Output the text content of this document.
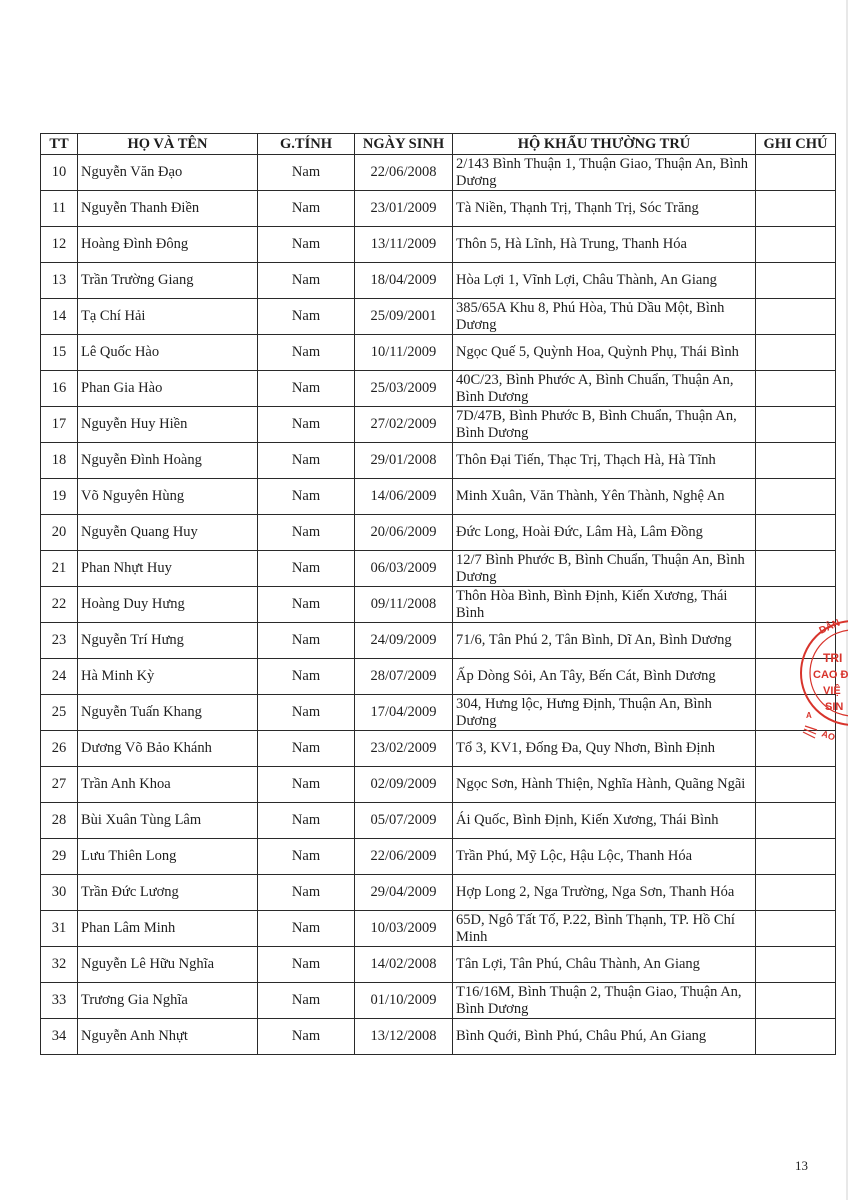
TT	HỌ VÀ TÊN	G.TÍNH	NGÀY SINH	HỘ KHẨU THƯỜNG TRÚ	GHI CHÚ
10	Nguyễn Văn Đạo	Nam	22/06/2008	2/143 Bình Thuận 1, Thuận Giao, Thuận An, Bình Dương	
11	Nguyễn Thanh Điền	Nam	23/01/2009	Tà Niền, Thạnh Trị, Thạnh Trị, Sóc Trăng	
12	Hoàng Đình Đông	Nam	13/11/2009	Thôn 5, Hà Lĩnh, Hà Trung, Thanh Hóa	
13	Trần Trường Giang	Nam	18/04/2009	Hòa Lợi 1, Vĩnh Lợi, Châu Thành, An Giang	
14	Tạ Chí Hải	Nam	25/09/2001	385/65A Khu 8, Phú Hòa, Thủ Dầu Một, Bình Dương	
15	Lê Quốc Hào	Nam	10/11/2009	Ngọc Quế 5, Quỳnh Hoa, Quỳnh Phụ, Thái Bình	
16	Phan Gia Hào	Nam	25/03/2009	40C/23, Bình Phước A, Bình Chuẩn, Thuận An, Bình Dương	
17	Nguyễn Huy Hiền	Nam	27/02/2009	7D/47B, Bình Phước B, Bình Chuẩn, Thuận An, Bình Dương	
18	Nguyễn Đình Hoàng	Nam	29/01/2008	Thôn Đại Tiến, Thạc Trị, Thạch Hà, Hà Tĩnh	
19	Võ Nguyên Hùng	Nam	14/06/2009	Minh Xuân, Văn Thành, Yên Thành, Nghệ An	
20	Nguyễn Quang Huy	Nam	20/06/2009	Đức Long, Hoài Đức, Lâm Hà, Lâm Đồng	
21	Phan Nhựt Huy	Nam	06/03/2009	12/7 Bình Phước B, Bình Chuẩn, Thuận An, Bình Dương	
22	Hoàng Duy Hưng	Nam	09/11/2008	Thôn Hòa Bình, Bình Định, Kiến Xương, Thái Bình	
23	Nguyễn Trí Hưng	Nam	24/09/2009	71/6, Tân Phú 2, Tân Bình, Dĩ An, Bình Dương	
24	Hà Minh Kỳ	Nam	28/07/2009	Ấp Dòng Sỏi, An Tây, Bến Cát, Bình Dương	
25	Nguyễn Tuấn Khang	Nam	17/04/2009	304, Hưng lộc, Hưng Định, Thuận An, Bình Dương	
26	Dương Võ Bảo Khánh	Nam	23/02/2009	Tổ 3, KV1, Đống Đa, Quy Nhơn, Bình Định	
27	Trần Anh Khoa	Nam	02/09/2009	Ngọc Sơn, Hành Thiện, Nghĩa Hành, Quãng Ngãi	
28	Bùi Xuân Tùng Lâm	Nam	05/07/2009	Ái Quốc, Bình Định, Kiến Xương, Thái Bình	
29	Lưu Thiên Long	Nam	22/06/2009	Trần Phú, Mỹ Lộc, Hậu Lộc, Thanh Hóa	
30	Trần Đức Lương	Nam	29/04/2009	Hợp Long 2, Nga Trường, Nga Sơn, Thanh Hóa	
31	Phan Lâm Minh	Nam	10/03/2009	65D, Ngô Tất Tố, P.22, Bình Thạnh, TP. Hồ Chí Minh	
32	Nguyễn Lê Hữu Nghĩa	Nam	14/02/2008	Tân Lợi, Tân Phú, Châu Thành, An Giang	
33	Trương Gia Nghĩa	Nam	01/10/2009	T16/16M, Bình Thuận 2, Thuận Giao, Thuận An, Bình Dương	
34	Nguyễn Anh Nhựt	Nam	13/12/2008	Bình Quới, Bình Phú, Châu Phú, An Giang	
DÂN
TRI
CAO Đ
VIỆ
SIN
A
AO
13
